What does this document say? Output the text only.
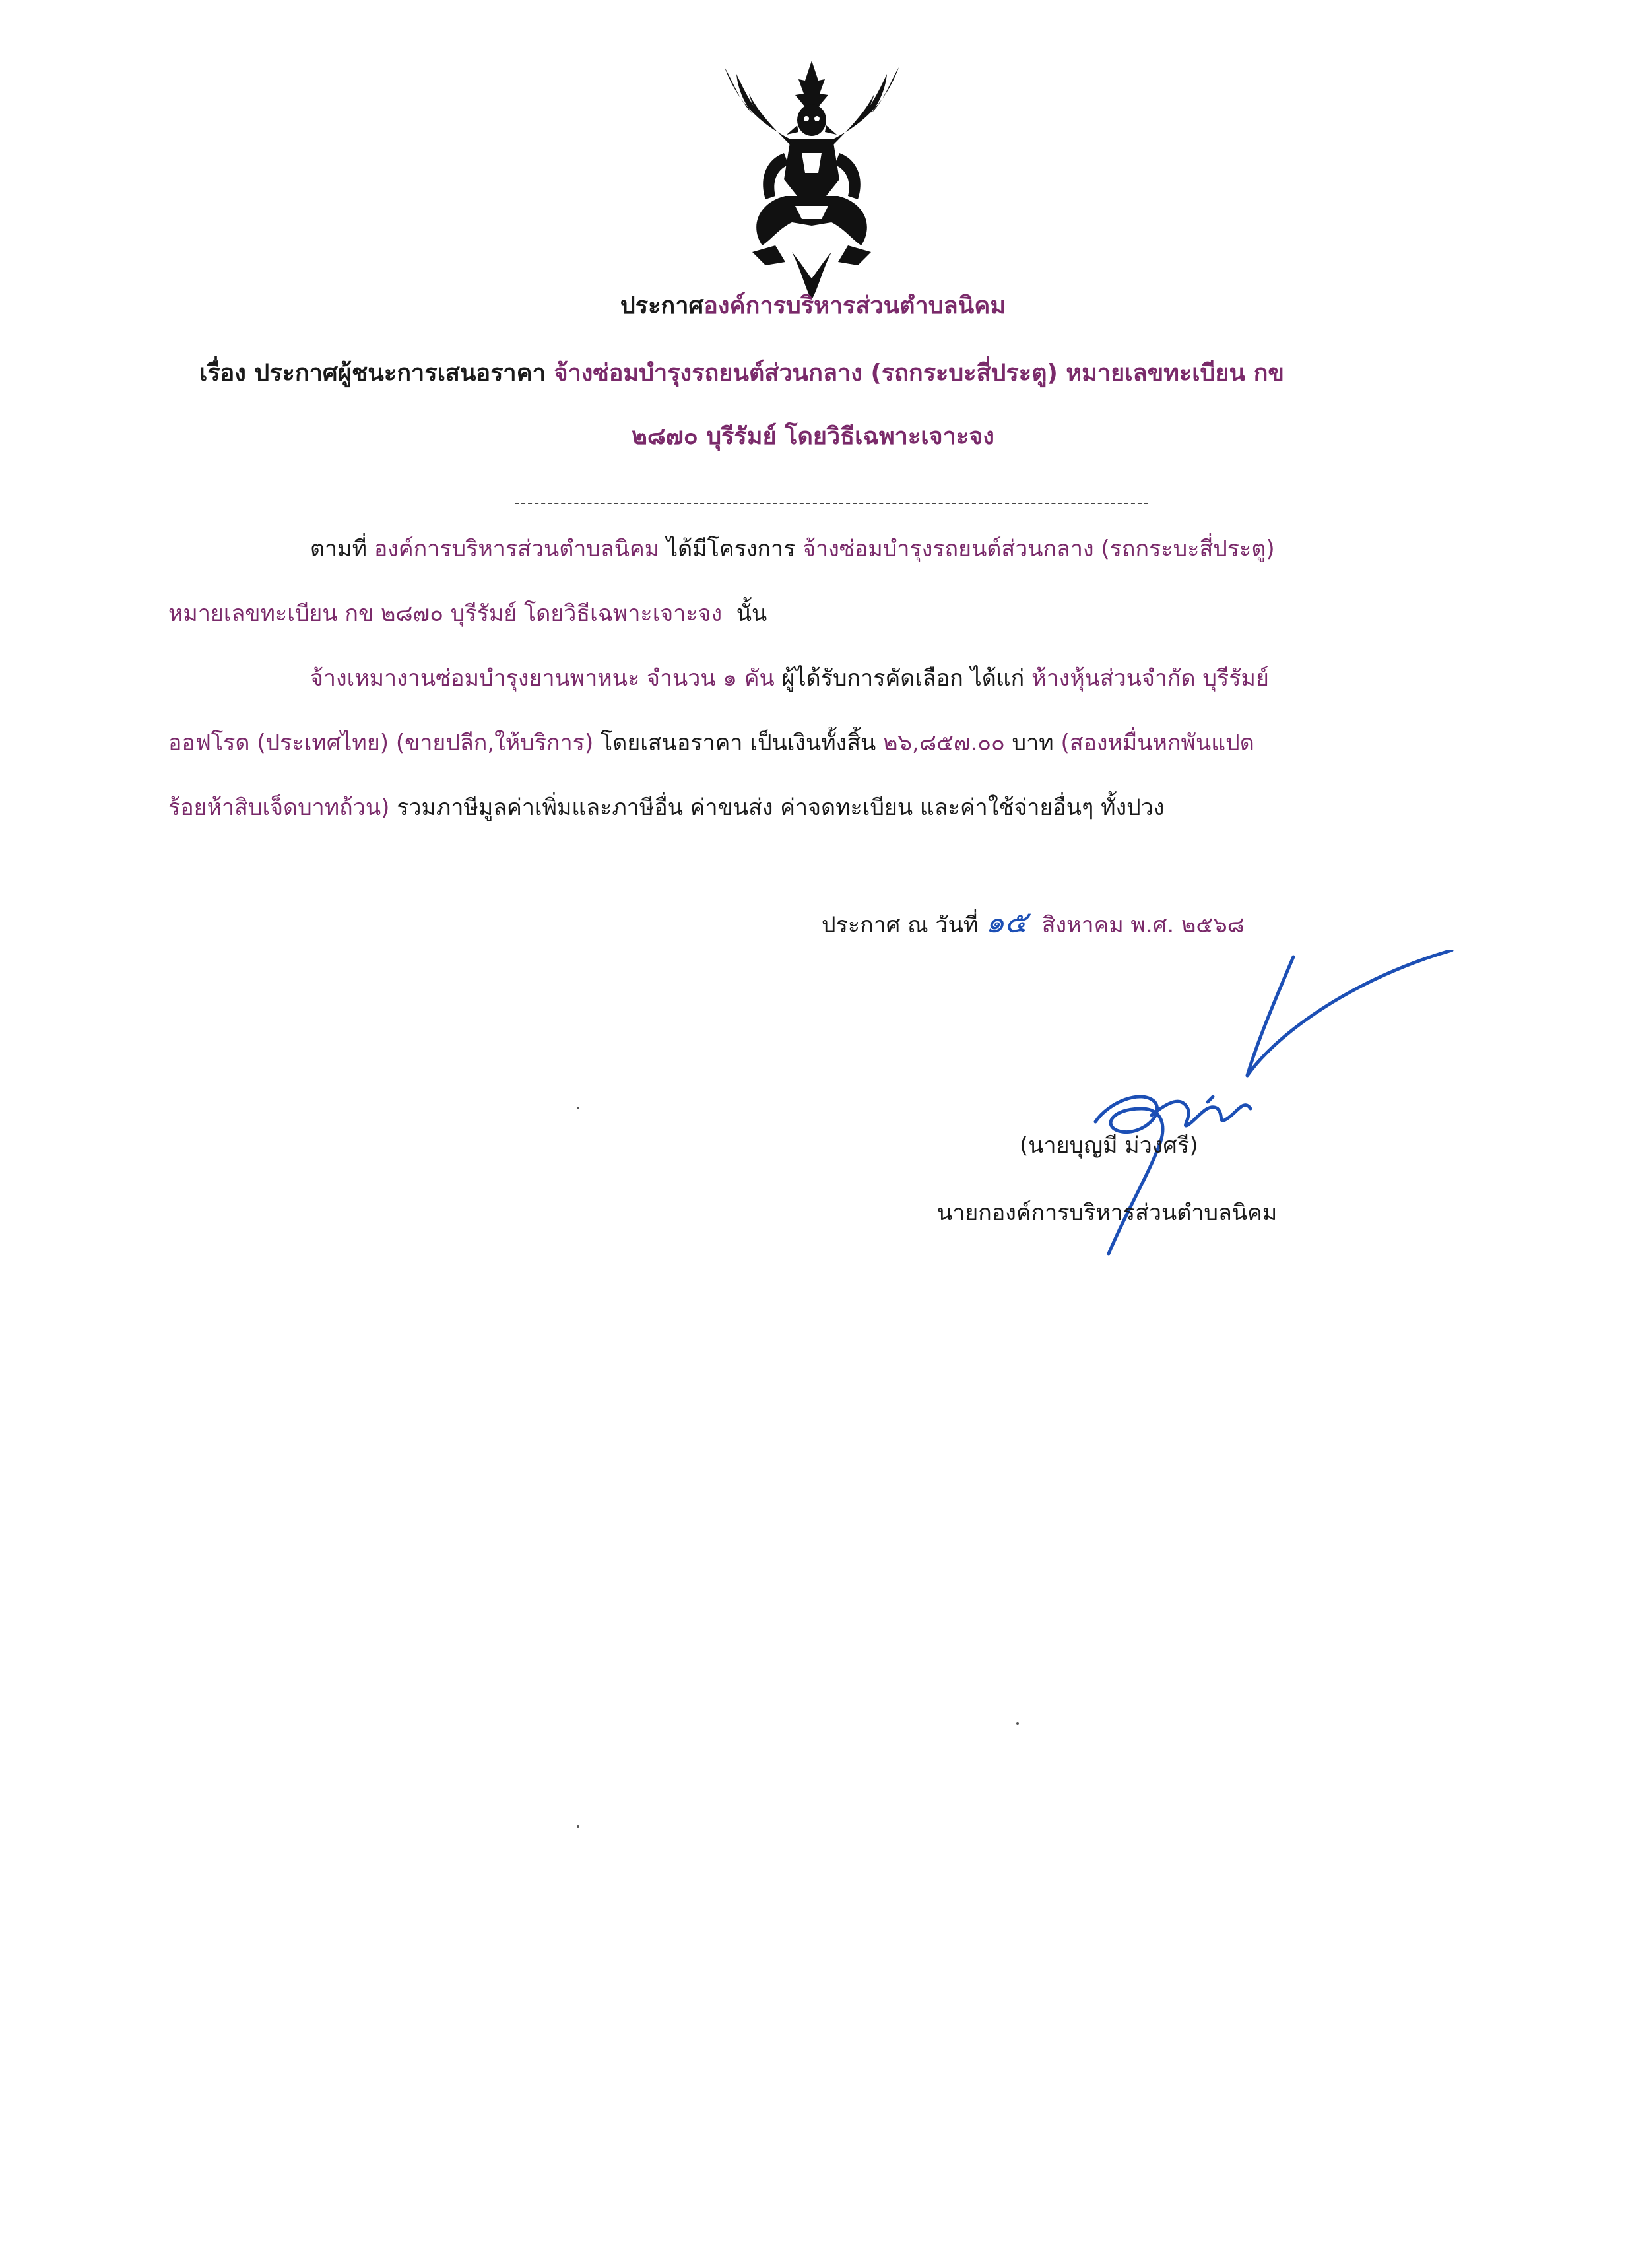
ประกาศองค์การบริหารส่วนตำบลนิคม
เรื่อง ประกาศผู้ชนะการเสนอราคา จ้างซ่อมบำรุงรถยนต์ส่วนกลาง (รถกระบะสี่ประตู) หมายเลขทะเบียน กข
๒๘๗๐ บุรีรัมย์ โดยวิธีเฉพาะเจาะจง
ตามที่ องค์การบริหารส่วนตำบลนิคม ได้มีโครงการ จ้างซ่อมบำรุงรถยนต์ส่วนกลาง (รถกระบะสี่ประตู)
หมายเลขทะเบียน กข ๒๘๗๐ บุรีรัมย์ โดยวิธีเฉพาะเจาะจง นั้น
จ้างเหมางานซ่อมบำรุงยานพาหนะ จำนวน ๑ คัน ผู้ได้รับการคัดเลือก ได้แก่ ห้างหุ้นส่วนจำกัด บุรีรัมย์
ออฟโรด (ประเทศไทย) (ขายปลีก,ให้บริการ) โดยเสนอราคา เป็นเงินทั้งสิ้น ๒๖,๘๕๗.๐๐ บาท (สองหมื่นหกพันแปด
ร้อยห้าสิบเจ็ดบาทถ้วน) รวมภาษีมูลค่าเพิ่มและภาษีอื่น ค่าขนส่ง ค่าจดทะเบียน และค่าใช้จ่ายอื่นๆ ทั้งปวง
ประกาศ ณ วันที่ ๑๕ สิงหาคม พ.ศ. ๒๕๖๘
(นายบุญมี ม่วงศรี)
นายกองค์การบริหารส่วนตำบลนิคม
